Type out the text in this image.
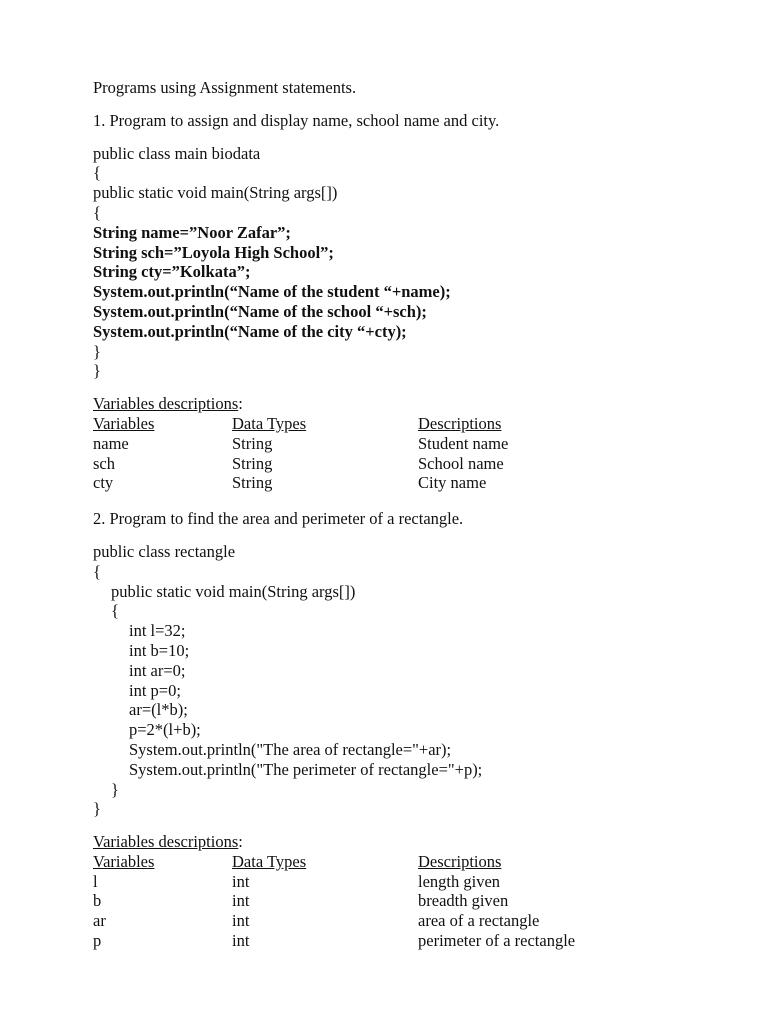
Programs using Assignment statements.
1. Program to assign and display name, school name and city.
public class main biodata
{
public static void main(String args[])
{
String name=”Noor Zafar”;
String sch=”Loyola High School”;
String cty=”Kolkata”;
System.out.println(“Name of the student “+name);
System.out.println(“Name of the school “+sch);
System.out.println(“Name of the city “+cty);
}
}
Variables descriptions:
Variables	Data Types	Descriptions
name	String	Student name
sch	String	School name
cty	String	City name
2. Program to find the area and perimeter of a rectangle.
public class rectangle
{
public static void main(String args[])
{
int l=32;
int b=10;
int ar=0;
int p=0;
ar=(l*b);
p=2*(l+b);
System.out.println("The area of rectangle="+ar);
System.out.println("The perimeter of rectangle="+p);
}
}
Variables descriptions:
Variables	Data Types	Descriptions
l	int	length given
b	int	breadth given
ar	int	area of a rectangle
p	int	perimeter of a rectangle
